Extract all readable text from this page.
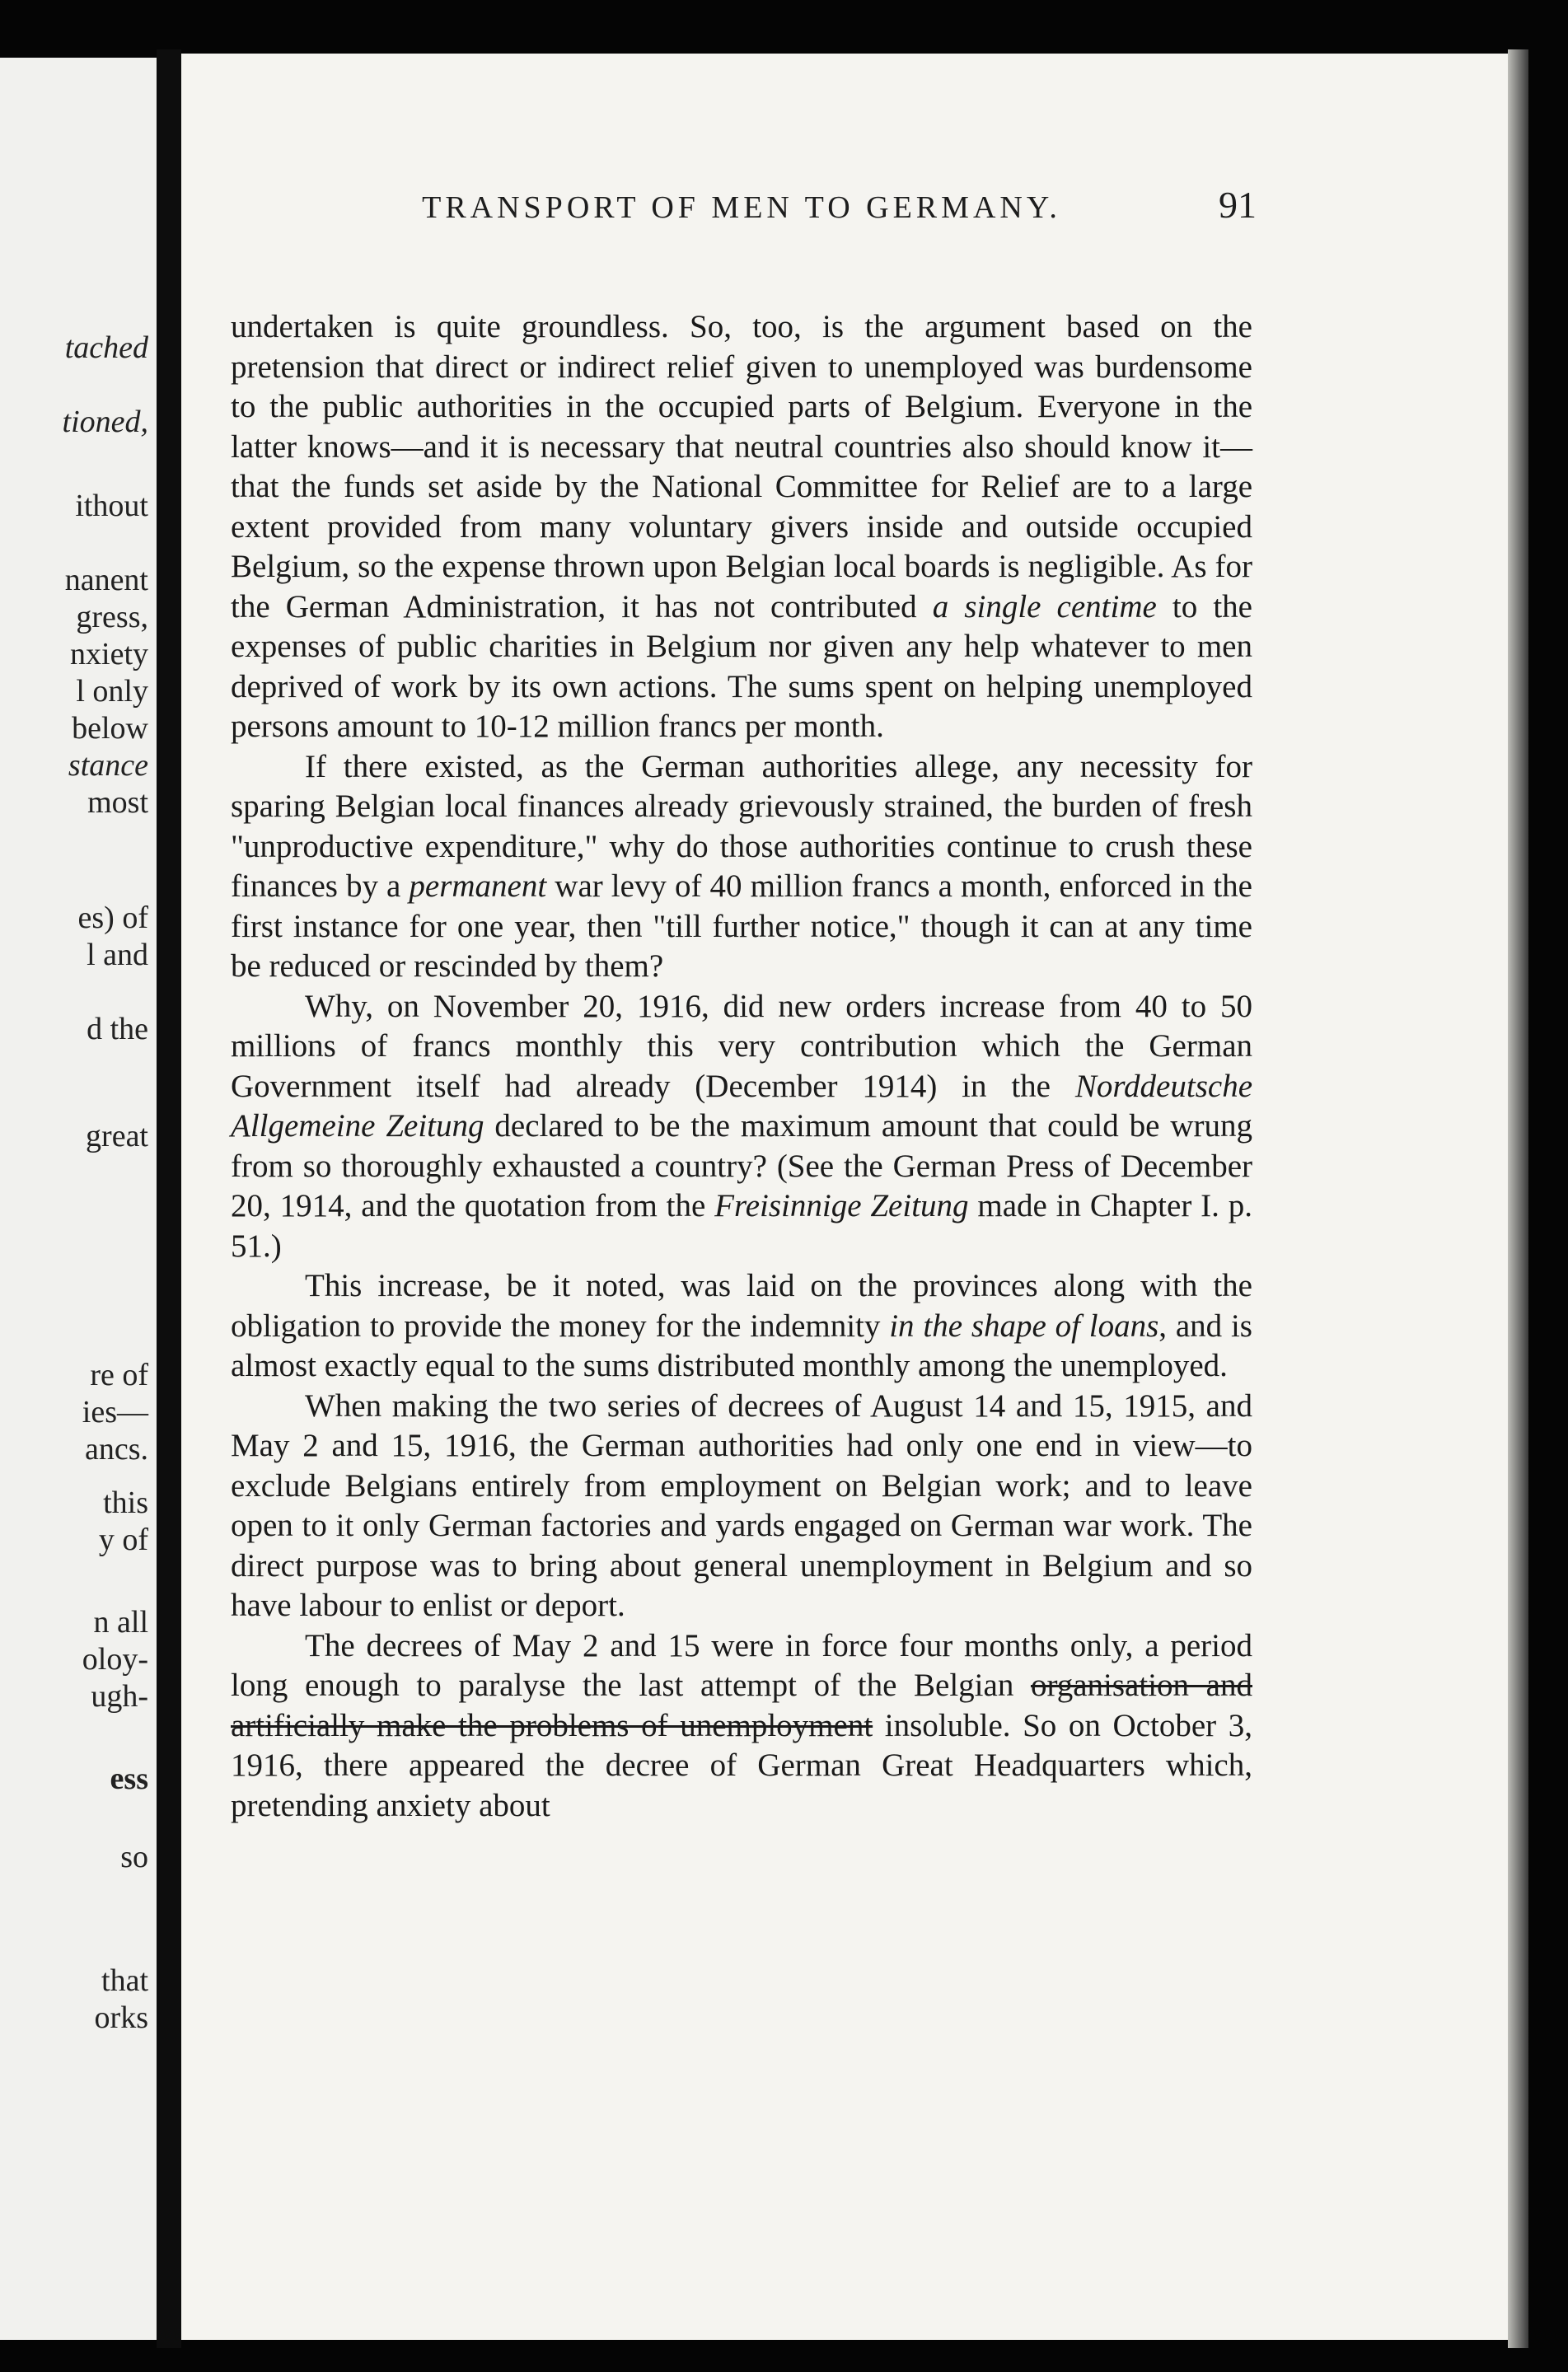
tached
tioned,
ithout
nanent
gress,
nxiety
l only
below
stance
most
es) of
l and
d the
great
re of
ies—
ancs.
this
y of
n all
oloy-
ugh-
ess
so
that
orks
TRANSPORT OF MEN TO GERMANY.	91

undertaken is quite groundless. So, too, is the argument based on the pretension that direct or indirect relief given to unemployed was burdensome to the public authorities in the occupied parts of Belgium. Everyone in the latter knows—and it is necessary that neutral countries also should know it—that the funds set aside by the National Committee for Relief are to a large extent provided from many voluntary givers inside and outside occupied Belgium, so the expense thrown upon Belgian local boards is negligible. As for the German Administration, it has not contributed a single centime to the expenses of public charities in Belgium nor given any help whatever to men deprived of work by its own actions. The sums spent on helping unemployed persons amount to 10-12 million francs per month.

If there existed, as the German authorities allege, any necessity for sparing Belgian local finances already grievously strained, the burden of fresh "unproductive expenditure," why do those authorities continue to crush these finances by a permanent war levy of 40 million francs a month, enforced in the first instance for one year, then "till further notice," though it can at any time be reduced or rescinded by them?

Why, on November 20, 1916, did new orders increase from 40 to 50 millions of francs monthly this very contribution which the German Government itself had already (December 1914) in the Norddeutsche Allgemeine Zeitung declared to be the maximum amount that could be wrung from so thoroughly exhausted a country? (See the German Press of December 20, 1914, and the quotation from the Freisinnige Zeitung made in Chapter I. p. 51.)

This increase, be it noted, was laid on the provinces along with the obligation to provide the money for the indemnity in the shape of loans, and is almost exactly equal to the sums distributed monthly among the unemployed.

When making the two series of decrees of August 14 and 15, 1915, and May 2 and 15, 1916, the German authorities had only one end in view—to exclude Belgians entirely from employment on Belgian work; and to leave open to it only German factories and yards engaged on German war work. The direct purpose was to bring about general unemployment in Belgium and so have labour to enlist or deport.

The decrees of May 2 and 15 were in force four months only, a period long enough to paralyse the last attempt of the Belgian organisation and artificially make the problems of unemployment insoluble. So on October 3, 1916, there appeared the decree of German Great Headquarters which, pretending anxiety about
